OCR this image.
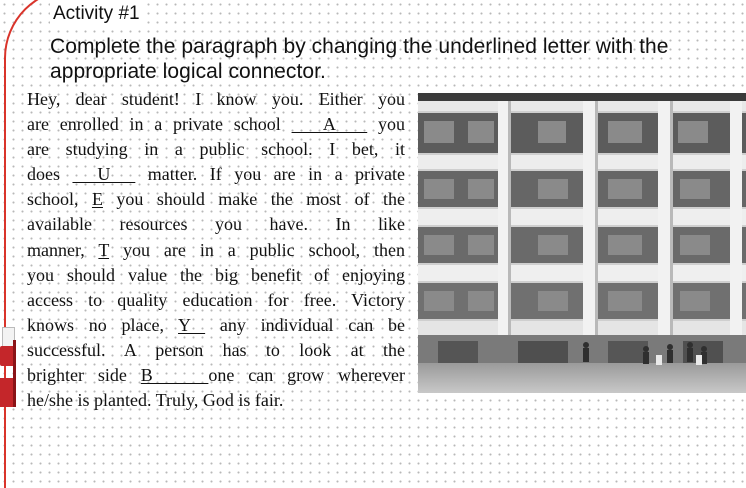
Activity #1
Complete the paragraph by changing the underlined letter with the
appropriate logical connector.
Hey, dear student! I know you. Either you
are enrolled in a private school    A    you
are studying in a public school. I bet, it
does   U   matter. If you are in a private
school, E you should make the most of the
available resources you have. In like
manner, T you are in a public school, then
you should value the big benefit of enjoying
access to quality education for free. Victory
knows no place, Y  any individual can be
successful. A person has to look at the
brighter side B    one can grow wherever
he/she is planted. Truly, God is fair.
